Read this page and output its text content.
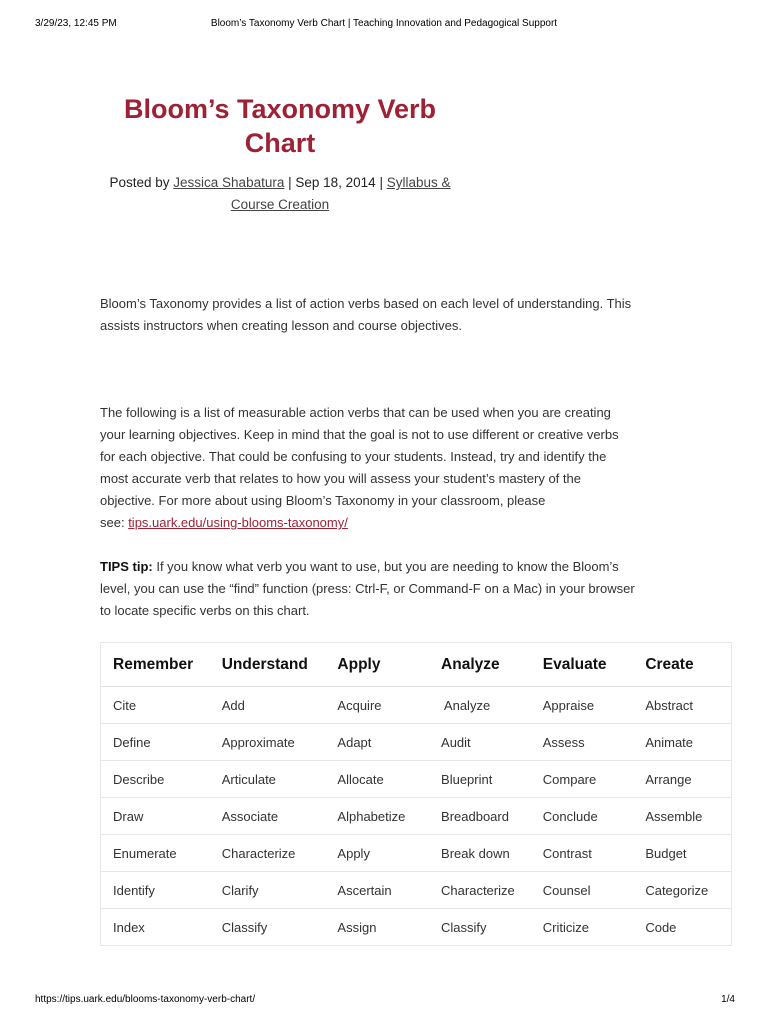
3/29/23, 12:45 PM	Bloom’s Taxonomy Verb Chart | Teaching Innovation and Pedagogical Support
Bloom’s Taxonomy Verb
Chart
Posted by Jessica Shabatura | Sep 18, 2014 | Syllabus &
Course Creation

Bloom’s Taxonomy provides a list of action verbs based on each level of understanding. This
assists instructors when creating lesson and course objectives.

The following is a list of measurable action verbs that can be used when you are creating
your learning objectives. Keep in mind that the goal is not to use different or creative verbs
for each objective. That could be confusing to your students. Instead, try and identify the
most accurate verb that relates to how you will assess your student’s mastery of the
objective. For more about using Bloom’s Taxonomy in your classroom, please
see: tips.uark.edu/using-blooms-taxonomy/

TIPS tip: If you know what verb you want to use, but you are needing to know the Bloom’s
level, you can use the “find” function (press: Ctrl-F, or Command-F on a Mac) in your browser
to locate specific verbs on this chart.

Remember	Understand	Apply	Analyze	Evaluate	Create
Cite	Add	Acquire	Analyze	Appraise	Abstract
Define	Approximate	Adapt	Audit	Assess	Animate
Describe	Articulate	Allocate	Blueprint	Compare	Arrange
Draw	Associate	Alphabetize	Breadboard	Conclude	Assemble
Enumerate	Characterize	Apply	Break down	Contrast	Budget
Identify	Clarify	Ascertain	Characterize	Counsel	Categorize
Index	Classify	Assign	Classify	Criticize	Code
https://tips.uark.edu/blooms-taxonomy-verb-chart/	1/4
